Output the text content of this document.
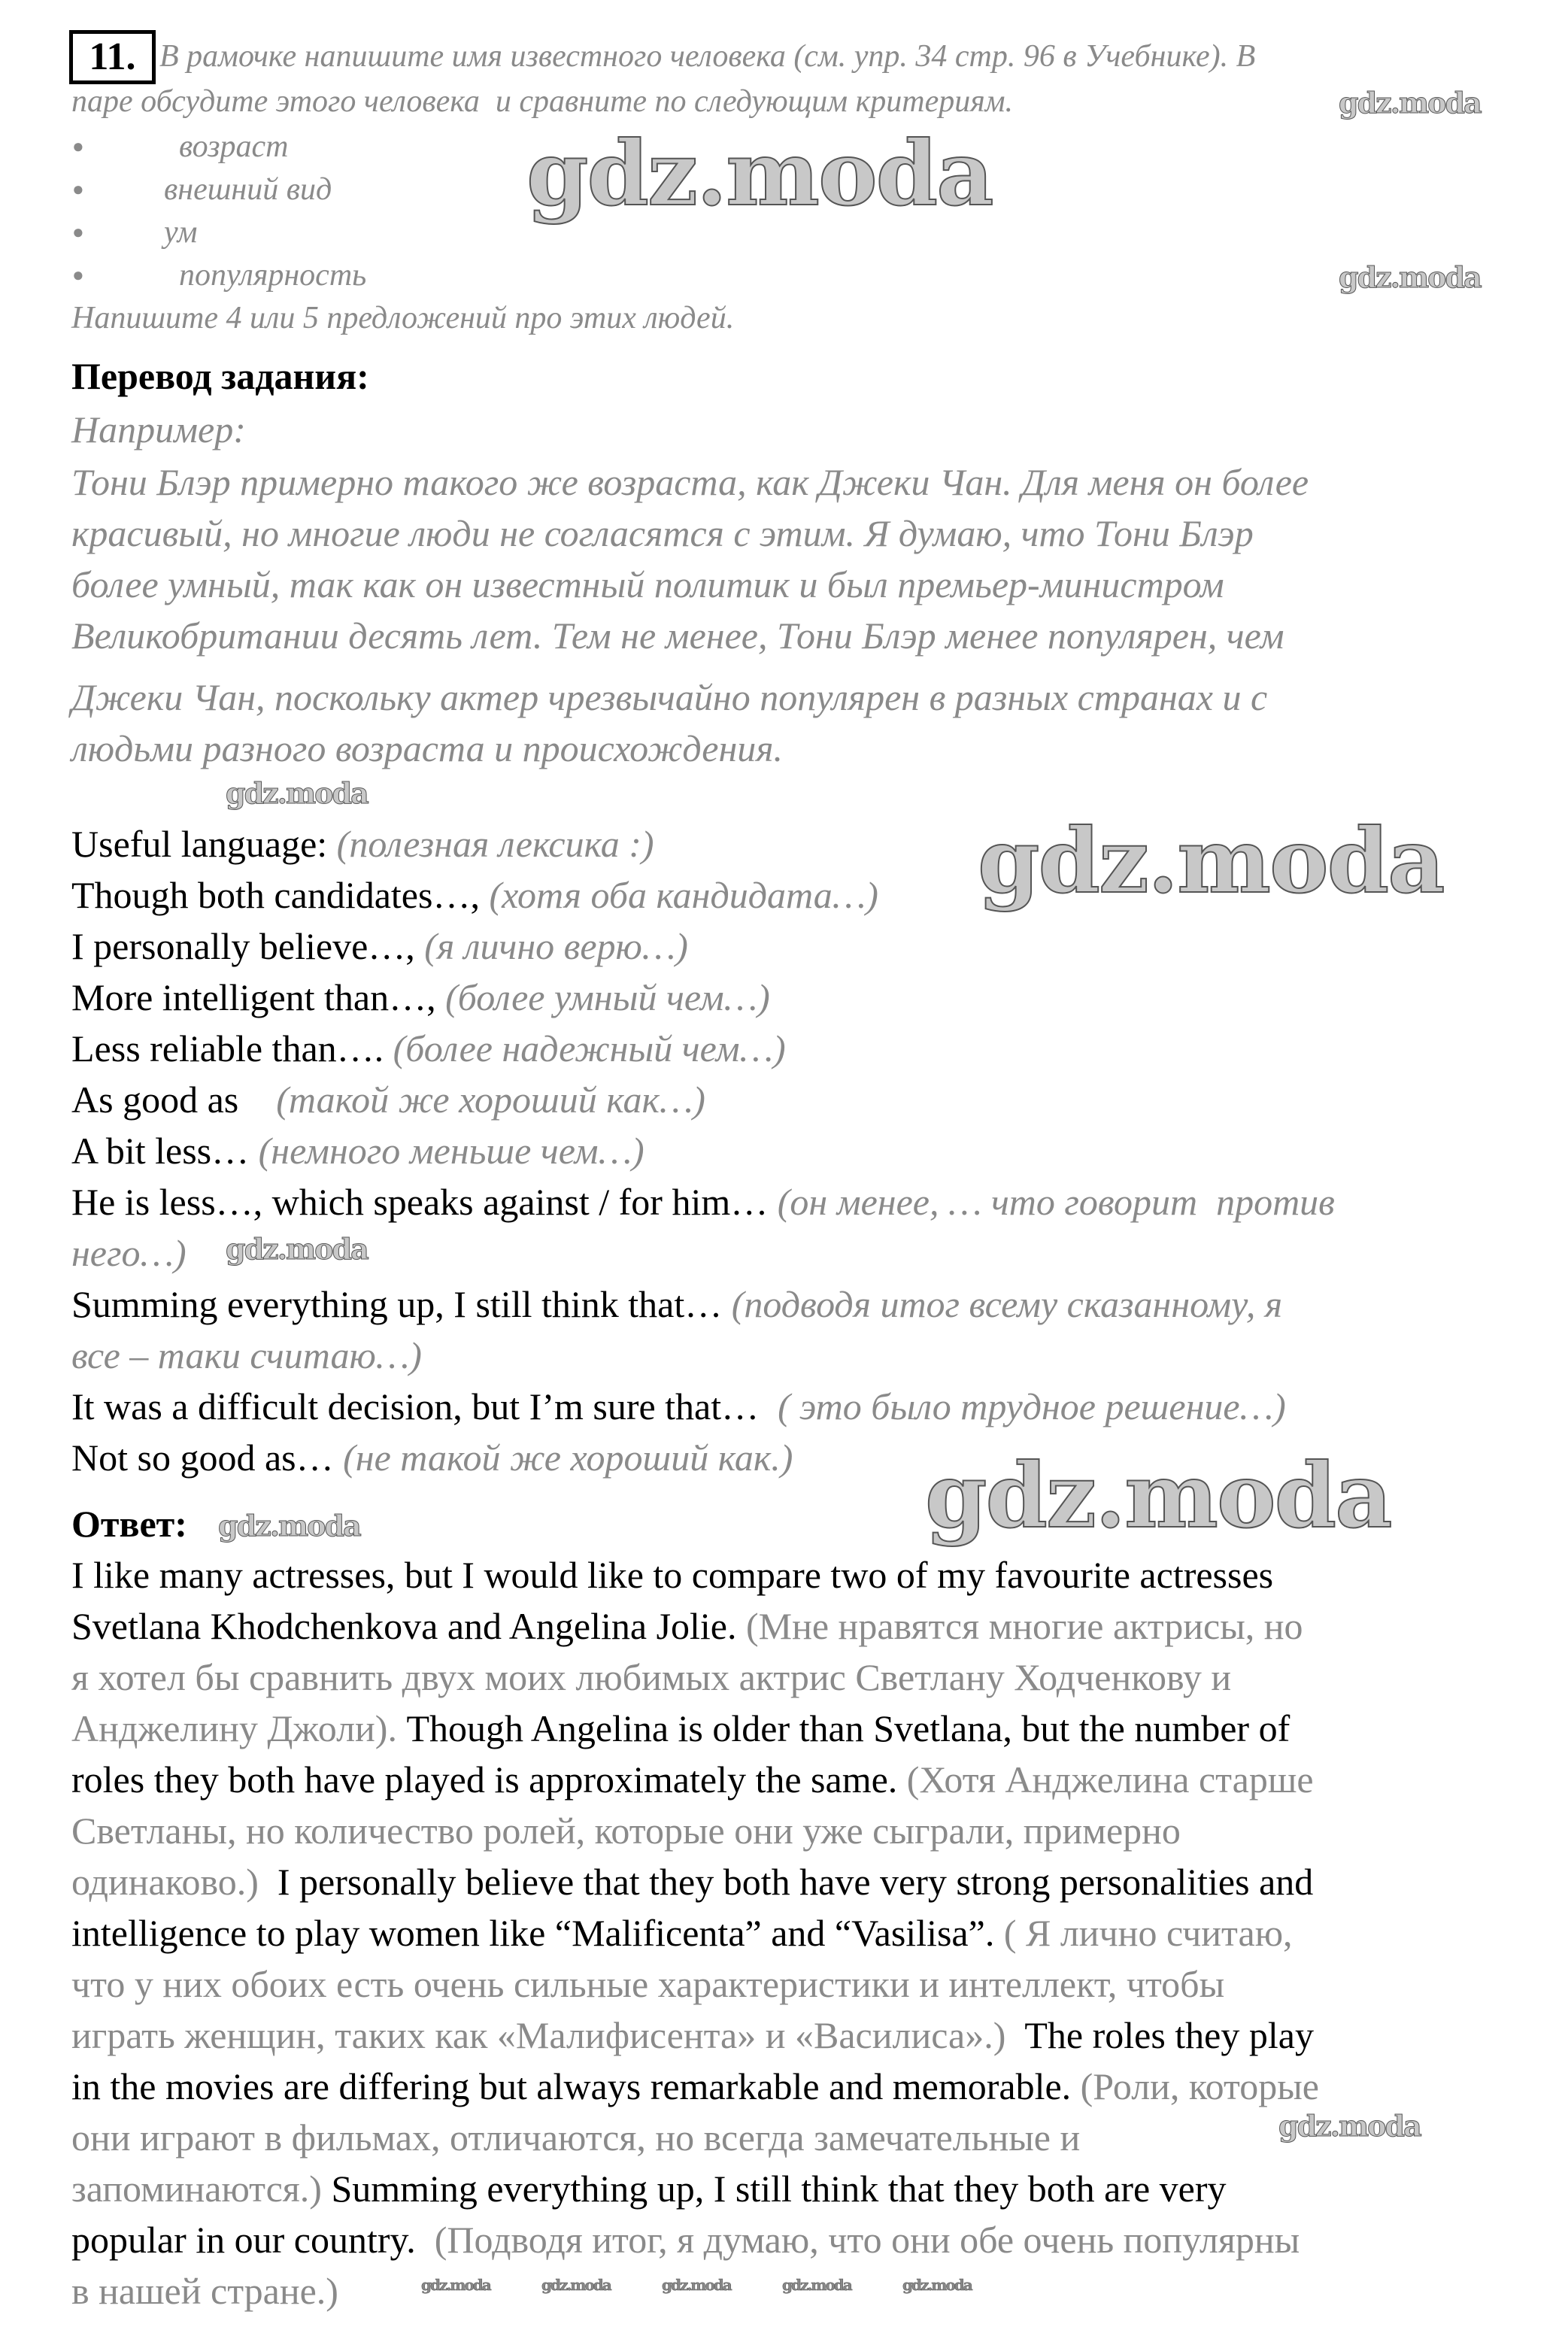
11. В рамочке напишите имя известного человека (см. упр. 34 стр. 96 в Учебнике). В
паре обсудите этого человека  и сравните по следующим критериям.
●	возраст
●	внешний вид
●	ум
●	популярность
Напишите 4 или 5 предложений про этих людей.
Перевод задания:
Например:
Тони Блэр примерно такого же возраста, как Джеки Чан. Для меня он более
красивый, но многие люди не согласятся с этим. Я думаю, что Тони Блэр
более умный, так как он известный политик и был премьер-министром
Великобритании десять лет. Тем не менее, Тони Блэр менее популярен, чем
Джеки Чан, поскольку актер чрезвычайно популярен в разных странах и с
людьми разного возраста и происхождения.
Useful language: (полезная лексика :)
Though both candidates…, (хотя оба кандидата…)
I personally believe…, (я лично верю…)
More intelligent than…, (более умный чем…)
Less reliable than…. (более надежный чем…)
As good as    (такой же хороший как…)
A bit less… (немного меньше чем…)
He is less…, which speaks against / for him… (он менее, … что говорит  против
него…)
Summing everything up, I still think that… (подводя итог всему сказанному, я
все – таки считаю…)
It was a difficult decision, but I’m sure that…  ( это было трудное решение…)
Not so good as… (не такой же хороший как.)
Ответ:
I like many actresses, but I would like to compare two of my favourite actresses
Svetlana Khodchenkova and Angelina Jolie. (Мне нравятся многие актрисы, но
я хотел бы сравнить двух моих любимых актрис Светлану Ходченкову и
Анджелину Джоли). Though Angelina is older than Svetlana, but the number of
roles they both have played is approximately the same. (Хотя Анджелина старше
Светланы, но количество ролей, которые они уже сыграли, примерно
одинаково.)  I personally believe that they both have very strong personalities and
intelligence to play women like “Malificenta” and “Vasilisa”. ( Я лично считаю,
что у них обоих есть очень сильные характеристики и интеллект, чтобы
играть женщин, таких как «Малифисента» и «Василиса».)  The roles they play
in the movies are differing but always remarkable and memorable. (Роли, которые
они играют в фильмах, отличаются, но всегда замечательные и
запоминаются.) Summing everything up, I still think that they both are very
popular in our country.  (Подводя итог, я думаю, что они обе очень популярны
в нашей стране.)
gdz.moda
gdz.moda
gdz.moda
gdz.moda
gdz.moda
gdz.moda
gdz.moda
gdz.moda
gdz.moda
gdz.moda	gdz.moda	gdz.moda	gdz.moda	gdz.moda
